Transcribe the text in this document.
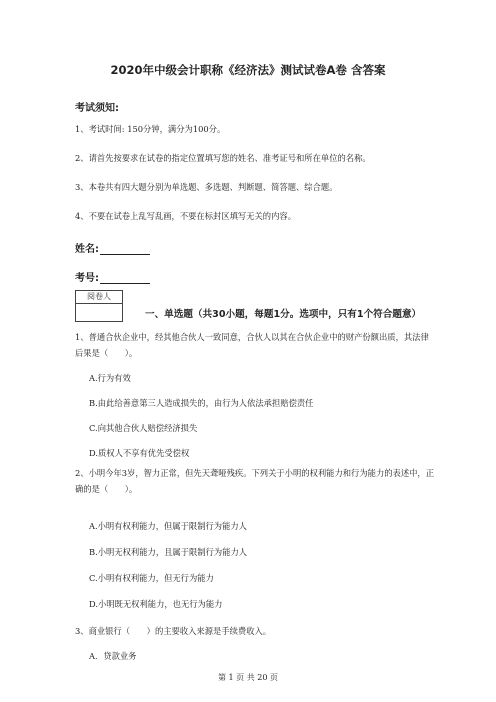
2020年中级会计职称《经济法》测试试卷A卷 含答案
考试须知:
1、考试时间: 150分钟，满分为100分。
2、请首先按要求在试卷的指定位置填写您的姓名、准考证号和所在单位的名称。
3、本卷共有四大题分别为单选题、多选题、判断题、简答题、综合题。
4、不要在试卷上乱写乱画，不要在标封区填写无关的内容。
姓名:
考号:
阅卷人
一、单选题（共30小题，每题1分。选项中，只有1个符合题意）
1、普通合伙企业中，经其他合伙人一致同意，合伙人以其在合伙企业中的财产份额出质，其法律后果是（　　）。
A.行为有效
B.由此给善意第三人造成损失的，由行为人依法承担赔偿责任
C.向其他合伙人赔偿经济损失
D.质权人不享有优先受偿权
2、小明今年3岁，智力正常，但先天聋哑残疾。下列关于小明的权利能力和行为能力的表述中，正确的是（　　）。
A.小明有权利能力，但属于限制行为能力人
B.小明无权利能力，且属于限制行为能力人
C.小明有权利能力，但无行为能力
D.小明既无权利能力，也无行为能力
3、商业银行（　　）的主要收入来源是手续费收入。
A．贷款业务
第 1 页 共 20 页
